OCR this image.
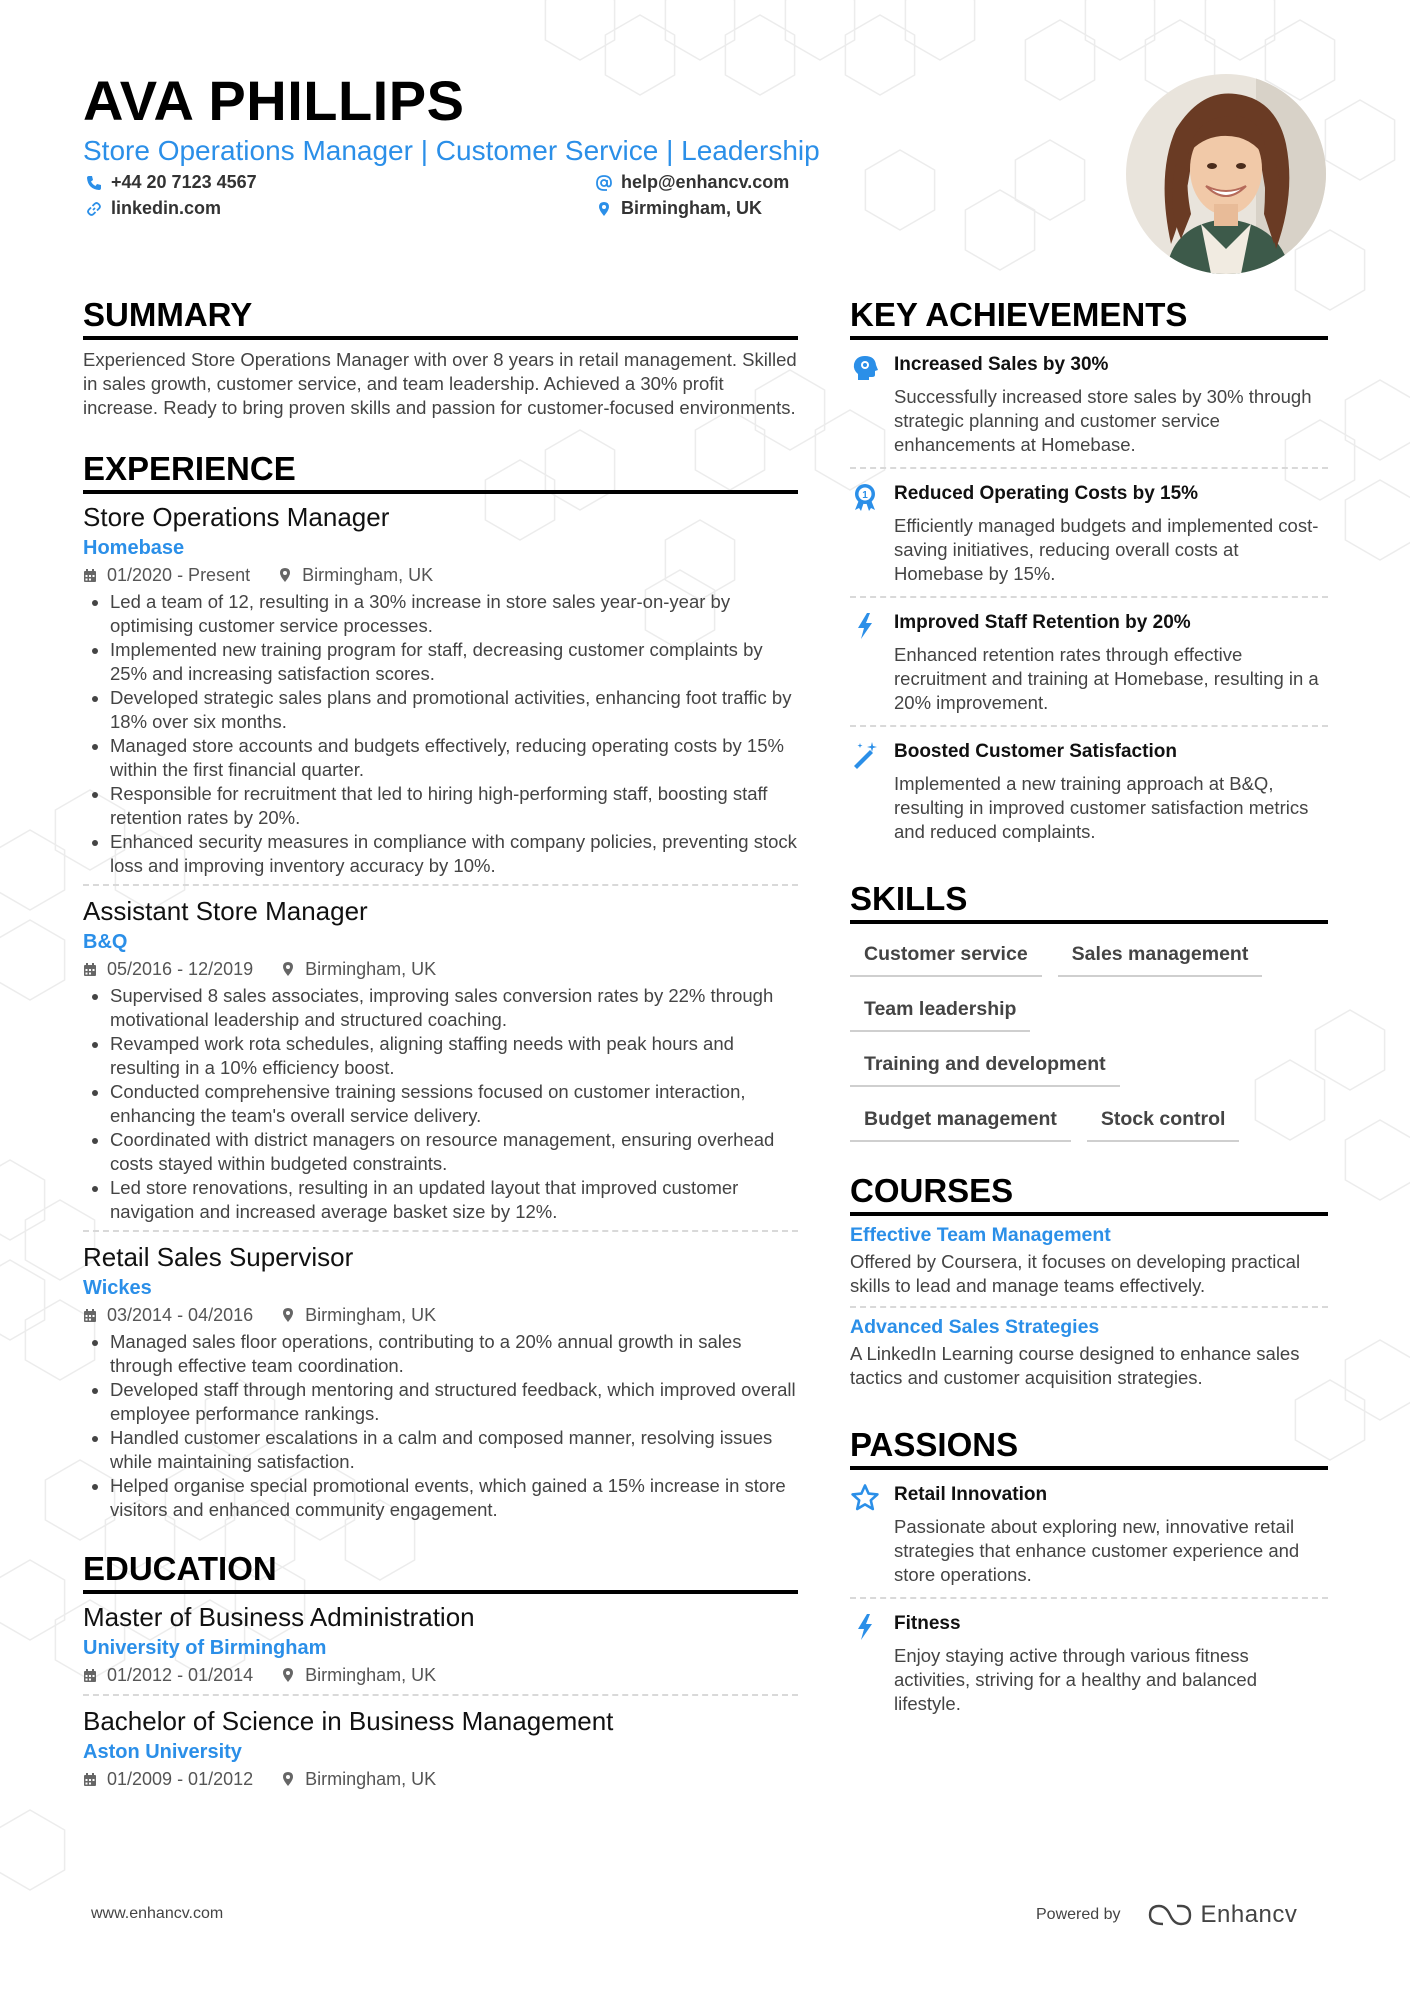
AVA PHILLIPS
Store Operations Manager | Customer Service | Leadership
+44 20 7123 4567	help@enhancv.com
linkedin.com	Birmingham, UK
SUMMARY

Experienced Store Operations Manager with over 8 years in retail management. Skilled in sales growth, customer service, and team leadership. Achieved a 30% profit increase. Ready to bring proven skills and passion for customer-focused environments.

EXPERIENCE
Store Operations Manager
Homebase
01/2020 - Present	Birmingham, UK
• Led a team of 12, resulting in a 30% increase in store sales year-on-year by optimising customer service processes.
• Implemented new training program for staff, decreasing customer complaints by 25% and increasing satisfaction scores.
• Developed strategic sales plans and promotional activities, enhancing foot traffic by 18% over six months.
• Managed store accounts and budgets effectively, reducing operating costs by 15% within the first financial quarter.
• Responsible for recruitment that led to hiring high-performing staff, boosting staff retention rates by 20%.
• Enhanced security measures in compliance with company policies, preventing stock loss and improving inventory accuracy by 10%.
Assistant Store Manager
B&Q
05/2016 - 12/2019	Birmingham, UK
• Supervised 8 sales associates, improving sales conversion rates by 22% through motivational leadership and structured coaching.
• Revamped work rota schedules, aligning staffing needs with peak hours and resulting in a 10% efficiency boost.
• Conducted comprehensive training sessions focused on customer interaction, enhancing the team's overall service delivery.
• Coordinated with district managers on resource management, ensuring overhead costs stayed within budgeted constraints.
• Led store renovations, resulting in an updated layout that improved customer navigation and increased average basket size by 12%.
Retail Sales Supervisor
Wickes
03/2014 - 04/2016	Birmingham, UK
• Managed sales floor operations, contributing to a 20% annual growth in sales through effective team coordination.
• Developed staff through mentoring and structured feedback, which improved overall employee performance rankings.
• Handled customer escalations in a calm and composed manner, resolving issues while maintaining satisfaction.
• Helped organise special promotional events, which gained a 15% increase in store visitors and enhanced community engagement.
EDUCATION
Master of Business Administration
University of Birmingham
01/2012 - 01/2014	Birmingham, UK
Bachelor of Science in Business Management
Aston University
01/2009 - 01/2012	Birmingham, UK
KEY ACHIEVEMENTS
Increased Sales by 30%
Successfully increased store sales by 30% through strategic planning and customer service enhancements at Homebase.
1 Reduced Operating Costs by 15%
Efficiently managed budgets and implemented cost-saving initiatives, reducing overall costs at Homebase by 15%.
Improved Staff Retention by 20%
Enhanced retention rates through effective recruitment and training at Homebase, resulting in a 20% improvement.
Boosted Customer Satisfaction
Implemented a new training approach at B&Q, resulting in improved customer satisfaction metrics and reduced complaints.
SKILLS
Customer service	Sales management
Team leadership
Training and development
Budget management	Stock control
COURSES
Effective Team Management
Offered by Coursera, it focuses on developing practical skills to lead and manage teams effectively.
Advanced Sales Strategies
A LinkedIn Learning course designed to enhance sales tactics and customer acquisition strategies.
PASSIONS
Retail Innovation
Passionate about exploring new, innovative retail strategies that enhance customer experience and store operations.
Fitness
Enjoy staying active through various fitness activities, striving for a healthy and balanced lifestyle.
www.enhancv.com	Powered by	Enhancv
